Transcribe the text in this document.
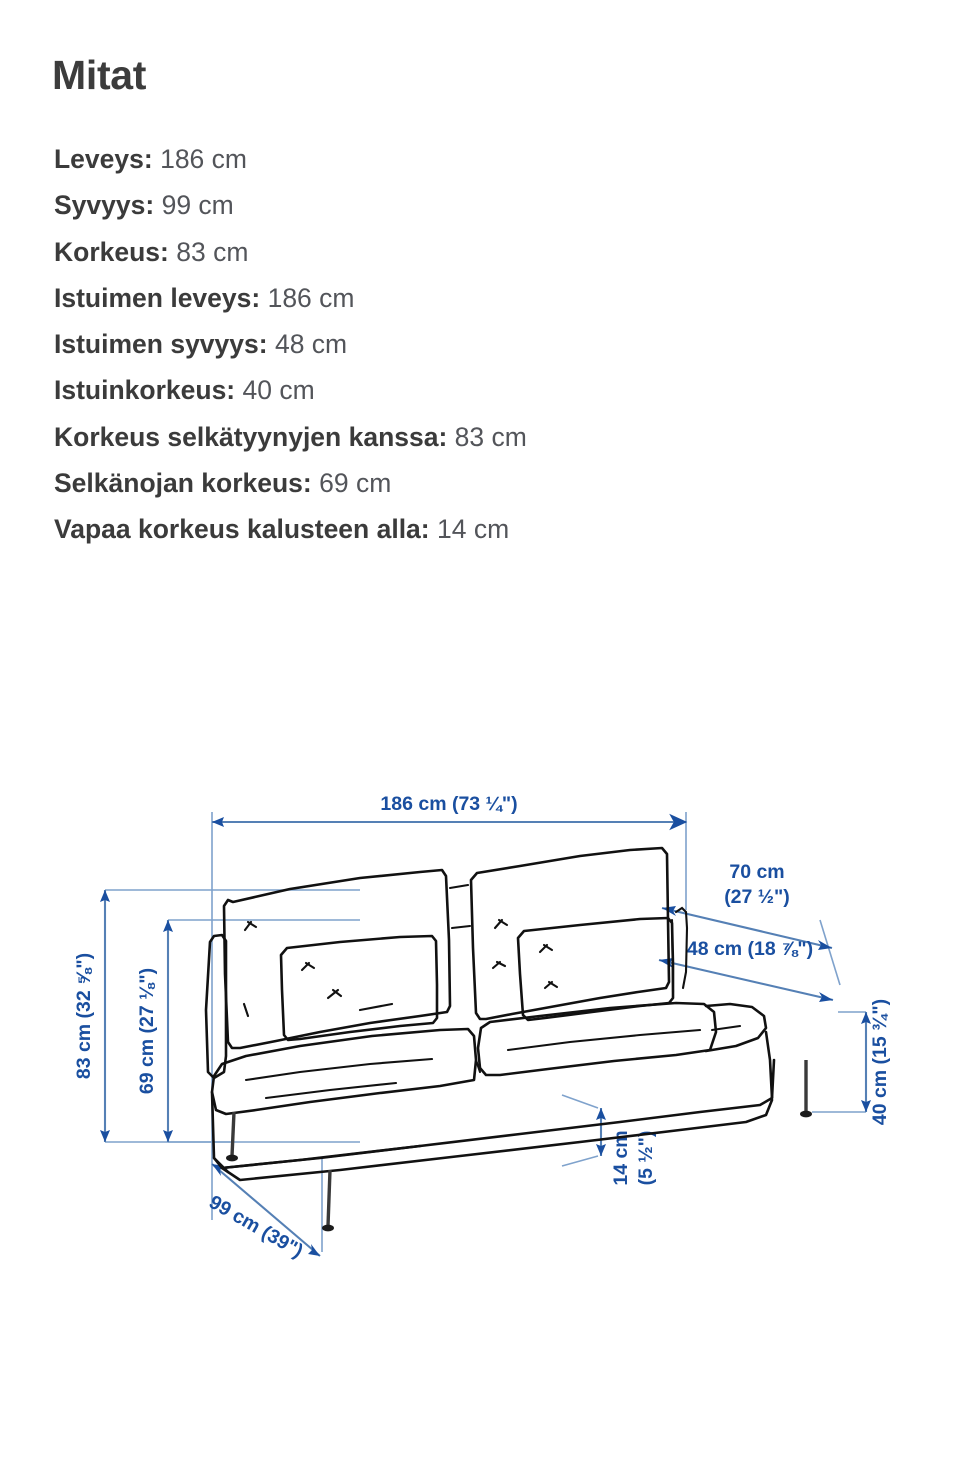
Mitat
Leveys: 186 cm
Syvyys: 99 cm
Korkeus: 83 cm
Istuimen leveys: 186 cm
Istuimen syvyys: 48 cm
Istuinkorkeus: 40 cm
Korkeus selkätyynyjen kanssa: 83 cm
Selkänojan korkeus: 69 cm
Vapaa korkeus kalusteen alla: 14 cm
186 cm (73 ¼")
70 cm
(27 ½")
48 cm (18 ⅞")
83 cm (32 ⅝") 69 cm (27 ⅛")	40 cm (15 ¾")
14 cm (5 ½")
99 cm (39")
